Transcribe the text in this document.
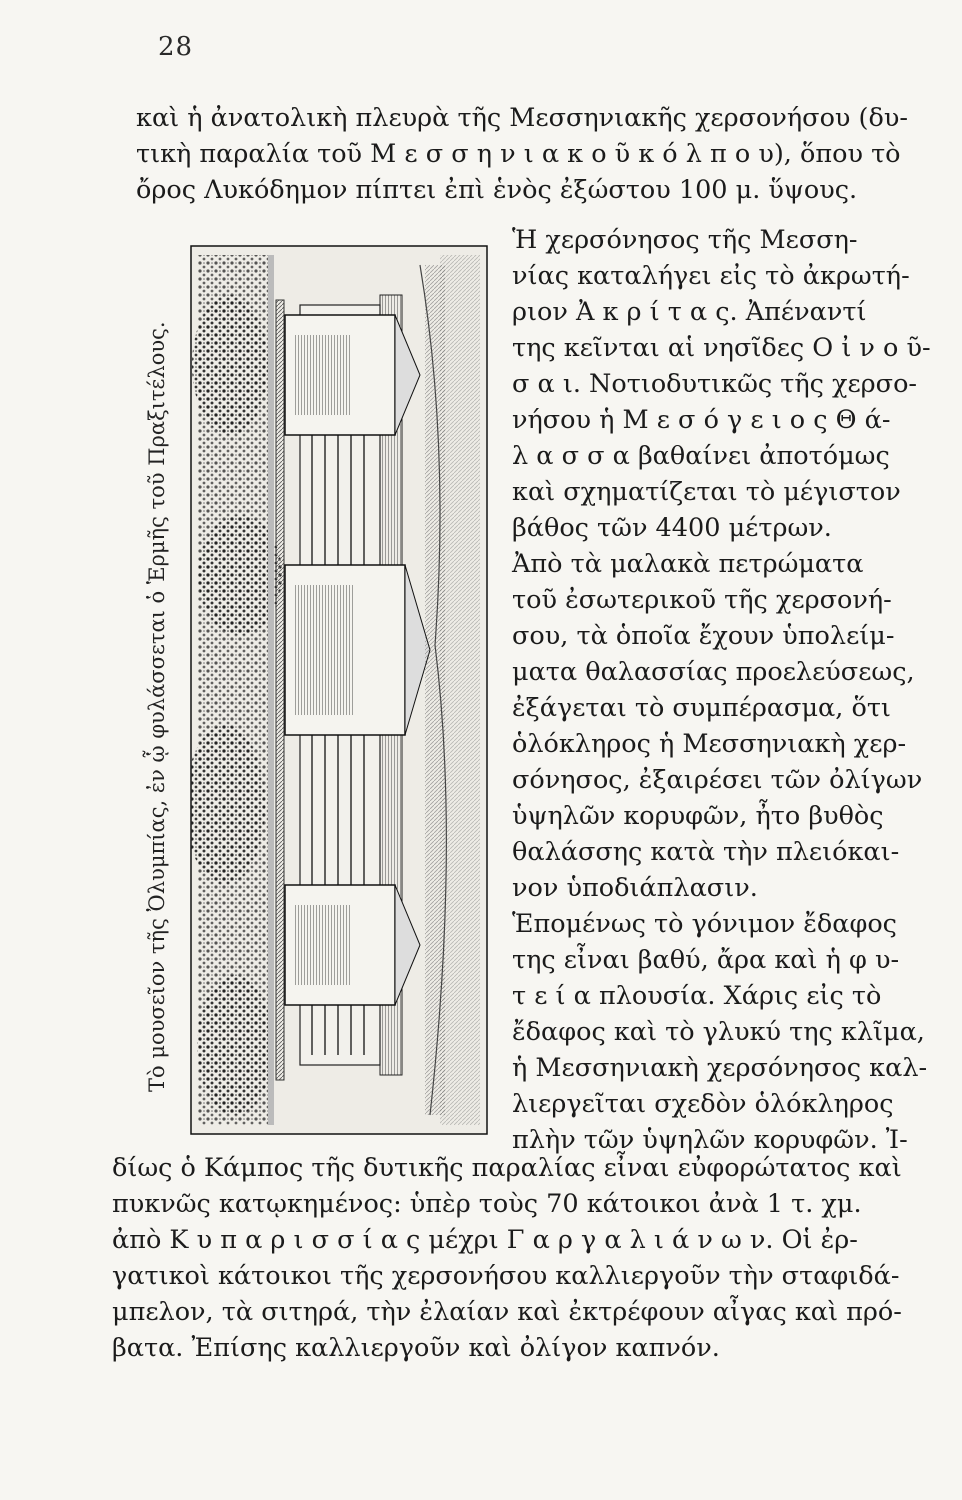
28

καὶ ἡ ἀνατολικὴ πλευρὰ τῆς Μεσσηνιακῆς χερσονήσου (δυ-
τικὴ παραλία τοῦ Μ ε σ σ η ν ι α κ ο ῦ κ ό λ π ο υ), ὅπου τὸ
ὄρος Λυκόδημον πίπτει ἐπὶ ἑνὸς ἐξώστου 100 μ. ὕψους.

Ἡ χερσόνησος τῆς Μεσση-
νίας καταλήγει εἰς τὸ ἀκρωτή-
ριον Ἀ κ ρ ί τ α ς. Ἀπέναντί
της κεῖνται αἱ νησῖδες Ο ἰ ν ο ῦ-
σ α ι. Νοτιοδυτικῶς τῆς χερσο-
νήσου ἡ Μ ε σ ό γ ε ι ο ς Θ ά-
λ α σ σ α βαθαίνει ἀποτόμως
καὶ σχηματίζεται τὸ μέγιστον
βάθος τῶν 4400 μέτρων.
Ἀπὸ τὰ μαλακὰ πετρώματα
τοῦ ἐσωτερικοῦ τῆς χερσονή-
σου, τὰ ὁποῖα ἔχουν ὑπολείμ-
ματα θαλασσίας προελεύσεως,
ἐξάγεται τὸ συμπέρασμα, ὅτι
ὁλόκληρος ἡ Μεσσηνιακὴ χερ-
σόνησος, ἐξαιρέσει τῶν ὀλίγων
ὑψηλῶν κορυφῶν, ἦτο βυθὸς
θαλάσσης κατὰ τὴν πλειόκαι-
νον ὑποδιάπλασιν.
Ἑπομένως τὸ γόνιμον ἔδαφος
της εἶναι βαθύ, ἄρα καὶ ἡ φ υ-
τ ε ί α πλουσία. Χάρις εἰς τὸ
ἔδαφος καὶ τὸ γλυκύ της κλῖμα,
ἡ Μεσσηνιακὴ χερσόνησος καλ-
λιεργεῖται σχεδὸν ὁλόκληρος
πλὴν τῶν ὑψηλῶν κορυφῶν. Ἰ-

Τὸ μουσεῖον τῆς Ὀλυμπίας, ἐν ᾧ φυλάσσεται ὁ Ἑρμῆς τοῦ Πραξιτέλους.

δίως ὁ Κάμπος τῆς δυτικῆς παραλίας εἶναι εὐφορώτατος καὶ
πυκνῶς κατῳκημένος: ὑπὲρ τοὺς 70 κάτοικοι ἀνὰ 1 τ. χμ.
ἀπὸ Κ υ π α ρ ι σ σ ί α ς μέχρι Γ α ρ γ α λ ι ά ν ω ν. Οἱ ἐρ-
γατικοὶ κάτοικοι τῆς χερσονήσου καλλιεργοῦν τὴν σταφιδά-
μπελον, τὰ σιτηρά, τὴν ἐλαίαν καὶ ἐκτρέφουν αἶγας καὶ πρό-
βατα. Ἐπίσης καλλιεργοῦν καὶ ὀλίγον καπνόν.
